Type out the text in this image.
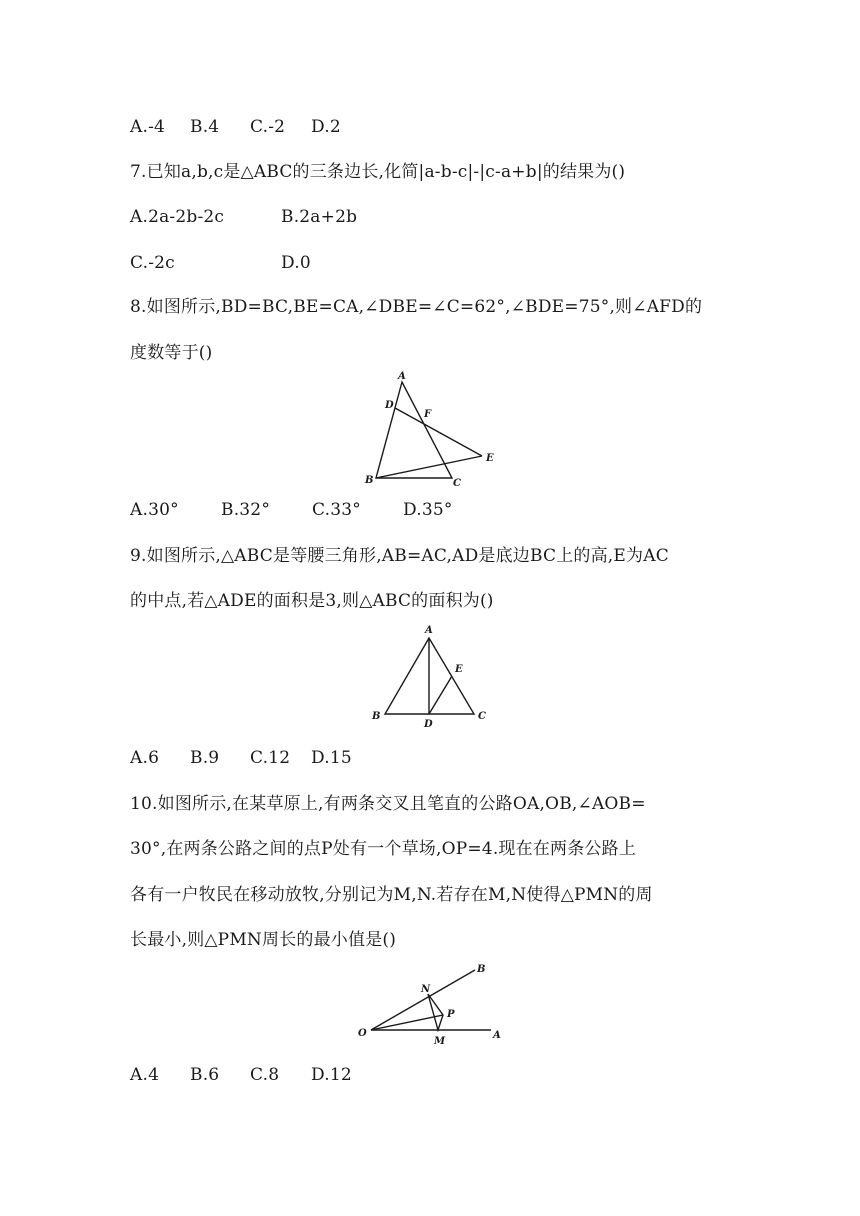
A.-4 B.4 C.-2 D.2
7.已知a,b,c是△ABC的三条边长,化简|a-b-c|-|c-a+b|的结果为()
A.2a-2b-2c	B.2a+2b
C.-2c	D.0
8.如图所示,BD=BC,BE=CA,∠DBE=∠C=62°,∠BDE=75°,则∠AFD的
度数等于()
A
D
F
E
B	C
A.30° B.32° C.33° D.35°
9.如图所示,△ABC是等腰三角形,AB=AC,AD是底边BC上的高,E为AC
的中点,若△ADE的面积是3,则△ABC的面积为()
A
E
B
D
C
A.6 B.9 C.12 D.15
10.如图所示,在某草原上,有两条交叉且笔直的公路OA,OB,∠AOB=
30°,在两条公路之间的点P处有一个草场,OP=4.现在在两条公路上
各有一户牧民在移动放牧,分别记为M,N.若存在M,N使得△PMN的周
长最小,则△PMN周长的最小值是()
B
N
P
O
M
A
A.4 B.6 C.8 D.12
